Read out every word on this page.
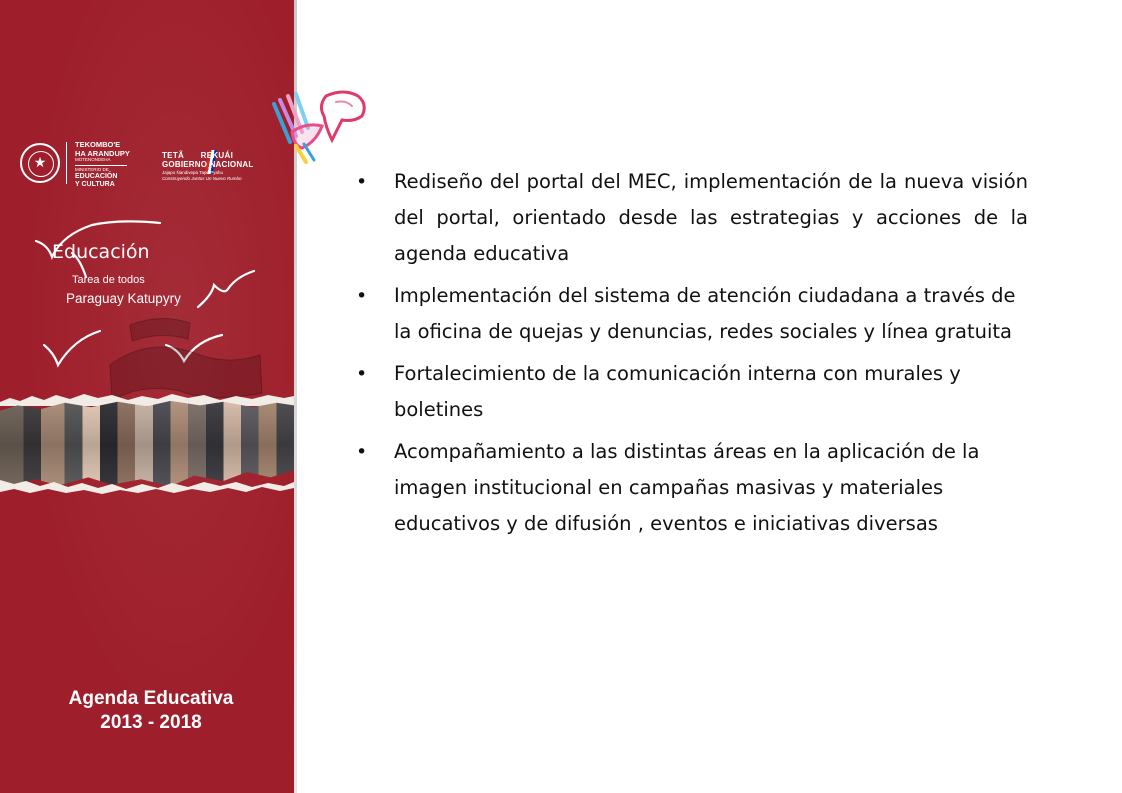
★
TEKOMBO'E
HA ARANDUPY
MOTENONDEHA
MINISTERIO DE
EDUCACIÓN
Y CULTURA
TETÃ REKUÁI
GOBIERNO NACIONAL
Jajapo Ñandivepa Tape Pyahu
Construyendo Juntos Un Nuevo Rumbo
Educación
Tarea de todos
Paraguay Katupyry
Agenda Educativa
2013 - 2018
•	Rediseño del portal del MEC, implementación de la nueva visión del portal, orientado desde las estrategias y acciones de la agenda educativa
•	Implementación del sistema de atención ciudadana a través de la oficina de quejas y denuncias, redes sociales y línea gratuita
•	Fortalecimiento de la comunicación interna con murales y boletines
•	Acompañamiento a las distintas áreas en la aplicación de la imagen institucional en campañas masivas y materiales educativos y de difusión , eventos e iniciativas diversas
